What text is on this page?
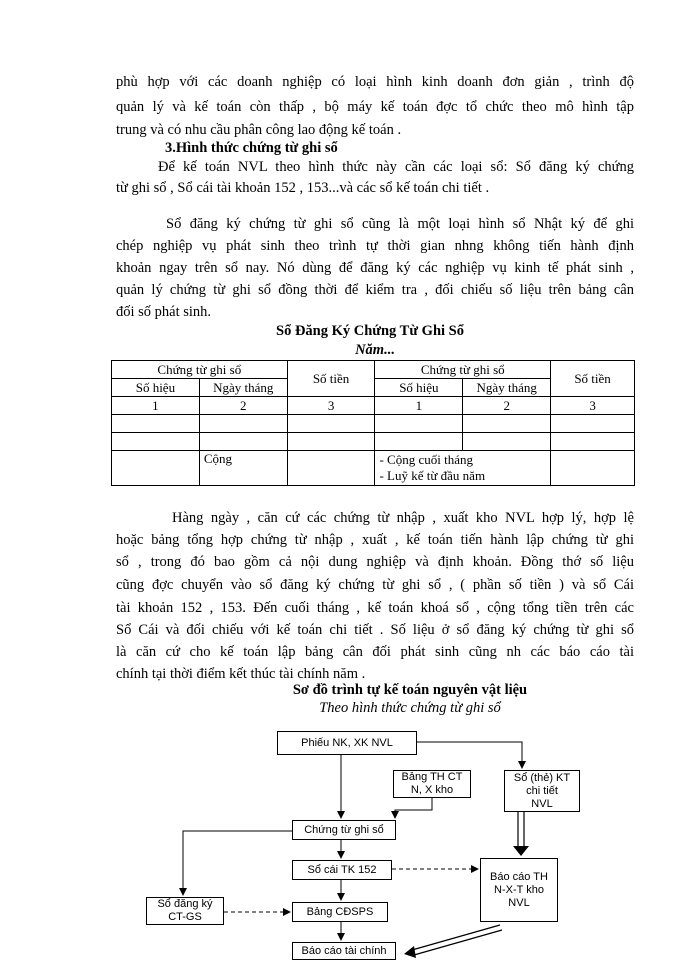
phù hợp với các doanh nghiệp có loại hình kinh doanh đơn giản , trình độ
quản lý và kế toán còn thấp , bộ máy kế toán đợc tổ chức theo mô hình tập
trung và có nhu cầu phân công lao động kế toán .
3.Hình thức chứng từ ghi sổ
Để kế toán NVL theo hình thức này cần các loại sổ: Sổ đăng ký chứng
từ ghi sổ , Sổ cái tài khoản 152 , 153...và các sổ kế toán chi tiết .
Sổ đăng ký chứng từ ghi sổ cũng là một loại hình sổ Nhật ký để ghi
chép nghiệp vụ phát sinh theo trình tự thời gian nhng không tiến hành định
khoản ngay trên sổ nay. Nó dùng để đăng ký các nghiệp vụ kinh tế phát sinh ,
quản lý chứng từ ghi sổ đồng thời để kiểm tra , đối chiếu số liệu trên bảng cân
đối số phát sinh.
Sổ Đăng Ký Chứng Từ Ghi Sổ
Năm...
Chứng từ ghi sổ		Số tiền	Chứng từ ghi sổ		Số tiền
Số hiệu	Ngày tháng		Số hiệu	Ngày tháng	
1	2	3	1	2	3

	Cộng		- Cộng cuối tháng
- Luỹ kế từ đầu năm		

Hàng ngày , căn cứ các chứng từ nhập , xuất kho NVL hợp lý, hợp lệ
hoặc bảng tổng hợp chứng từ nhập , xuất , kế toán tiến hành lập chứng từ ghi
sổ , trong đó bao gồm cả nội dung nghiệp và định khoản. Đồng thớ số liệu
cũng đợc chuyển vào sổ đăng ký chứng từ ghi sổ , ( phần số tiền ) và sổ Cái
tài khoản 152 , 153. Đến cuối tháng , kế toán khoá sổ , cộng tổng tiền trên các
Sổ Cái và đối chiếu với kế toán chi tiết . Số liệu ở sổ đăng ký chứng từ ghi sổ
là căn cứ cho kế toán lập bảng cân đối phát sinh cũng nh các báo cáo tài
chính tại thời điểm kết thúc tài chính năm .
Sơ đồ trình tự kế toán nguyên vật liệu
Theo hình thức chứng từ ghi sổ
Phiếu NK, XK NVL
Bảng TH CT
N, X kho
Sổ (thẻ) KT
chi tiết
NVL
Chứng từ ghi sổ
Sổ cái TK 152
Báo cáo TH
N-X-T kho
NVL
Sổ đăng ký
CT-GS	Bảng CĐSPS
Báo cáo tài chính
